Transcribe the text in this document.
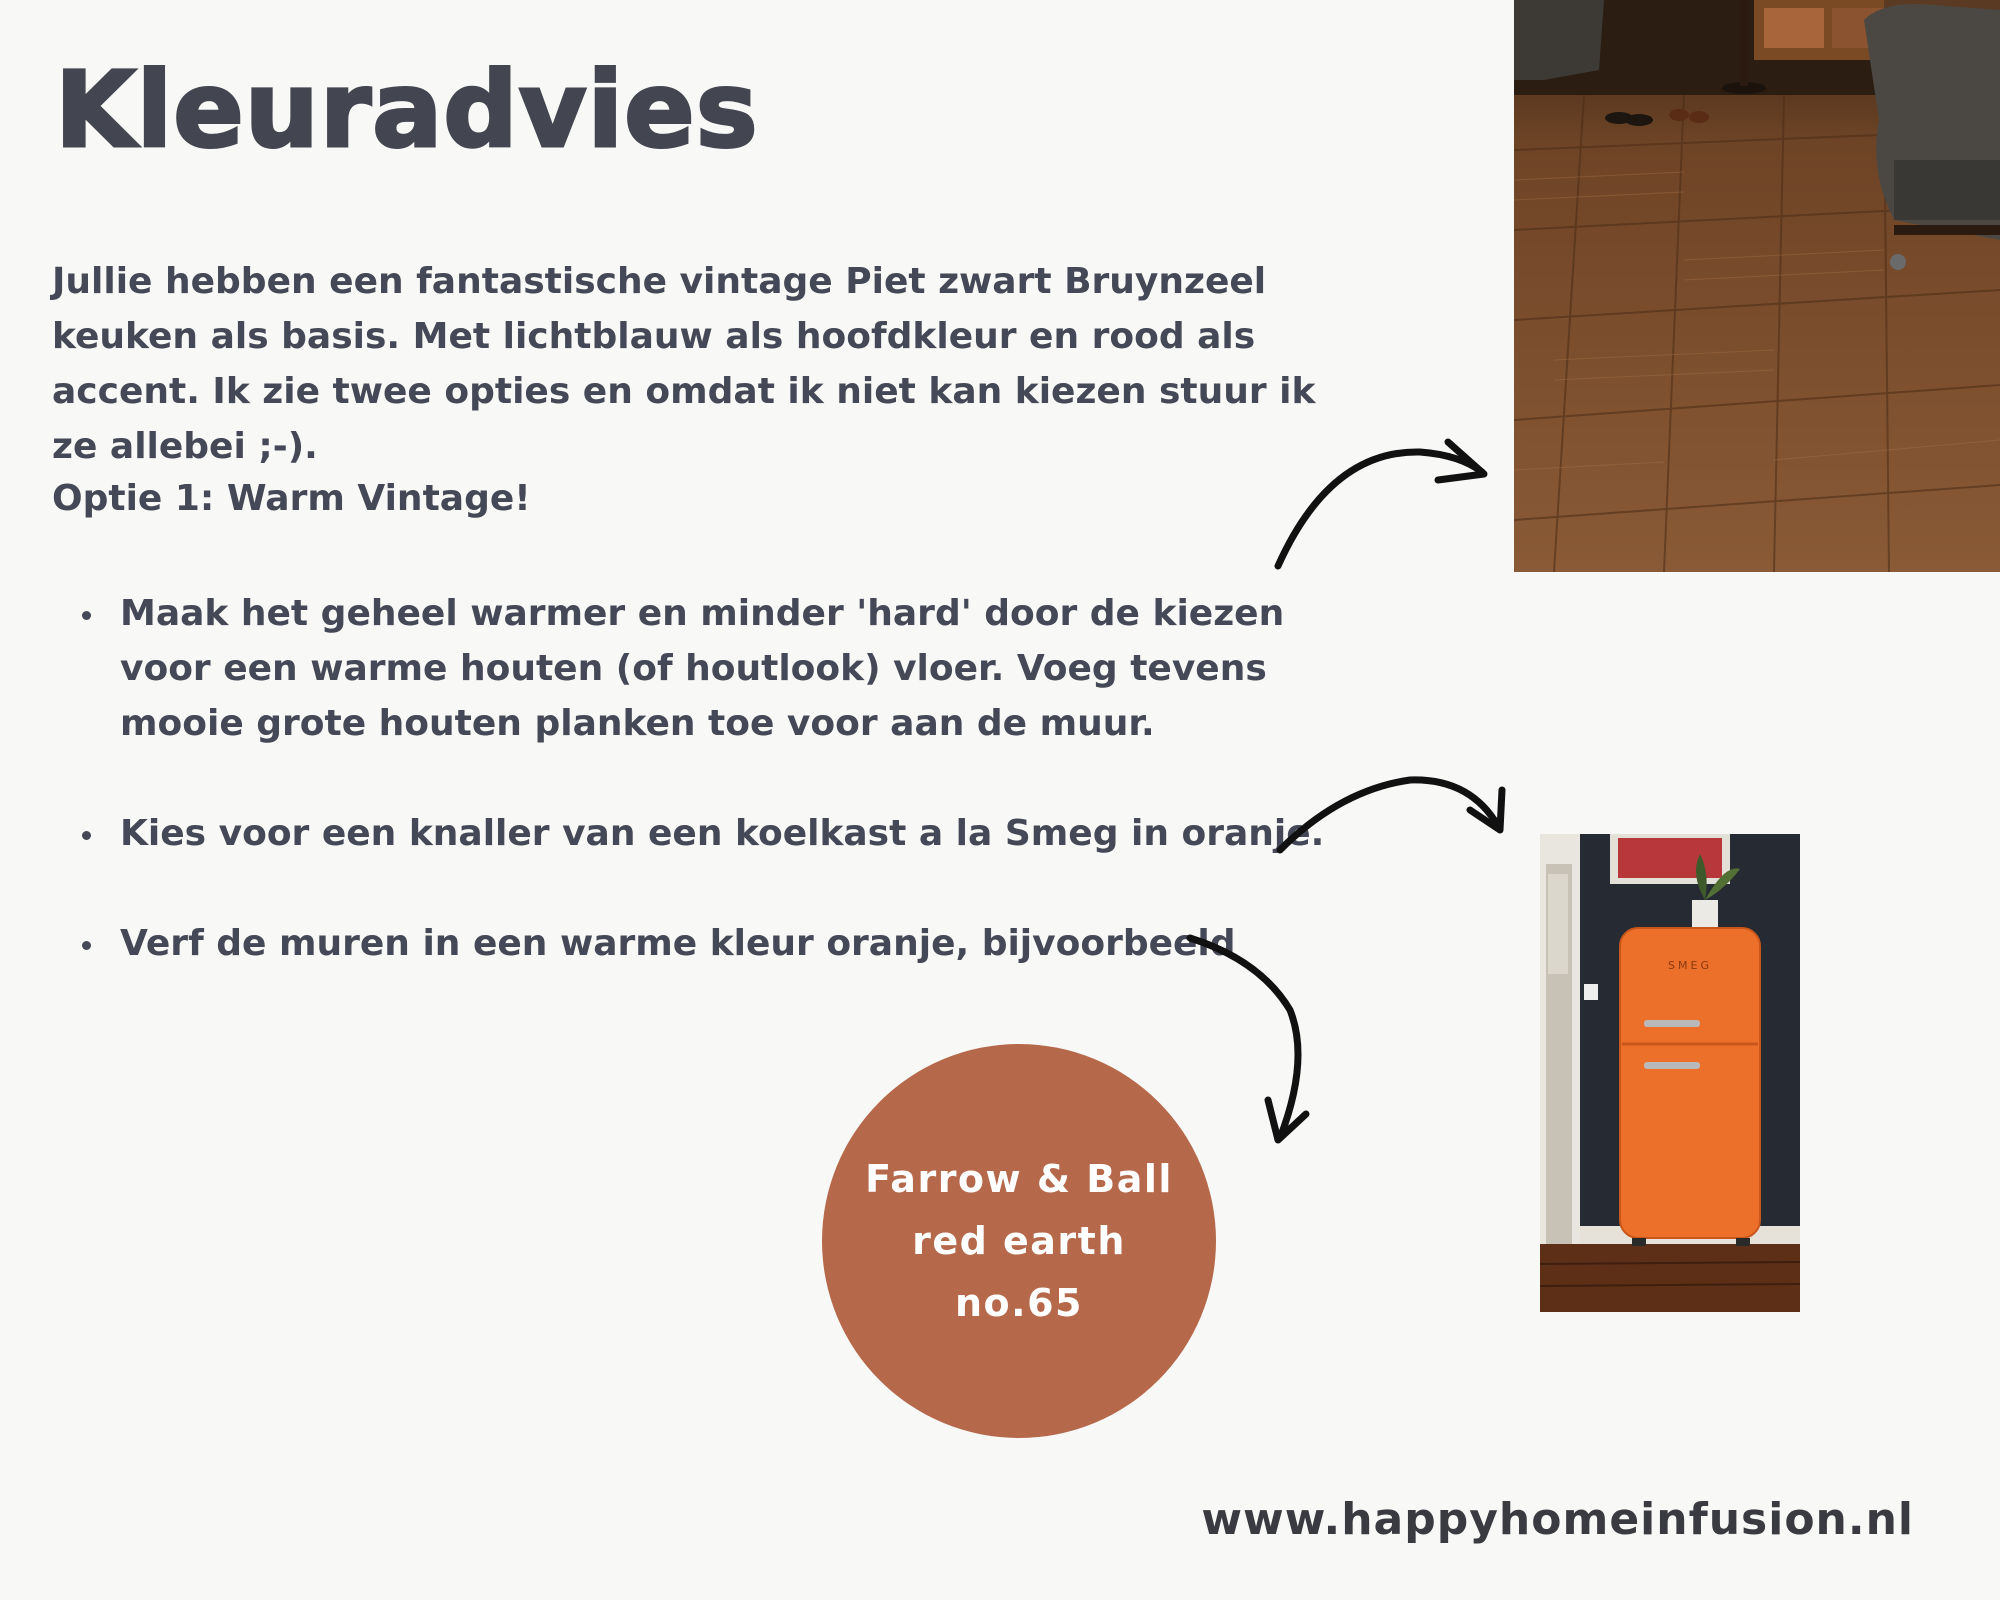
Kleuradvies

Jullie hebben een fantastische vintage Piet zwart Bruynzeel keuken als basis. Met lichtblauw als hoofdkleur en rood als accent. Ik zie twee opties en omdat ik niet kan kiezen stuur ik ze allebei ;-).

Optie 1: Warm Vintage!

Maak het geheel warmer en minder 'hard' door de kiezen voor een warme houten (of houtlook) vloer. Voeg tevens mooie grote houten planken toe voor aan de muur.
Kies voor een knaller van een koelkast a la Smeg in oranje.
Verf de muren in een warme kleur oranje, bijvoorbeeld
SMEG
Farrow & Ball
red earth
no.65
www.happyhomeinfusion.nl
